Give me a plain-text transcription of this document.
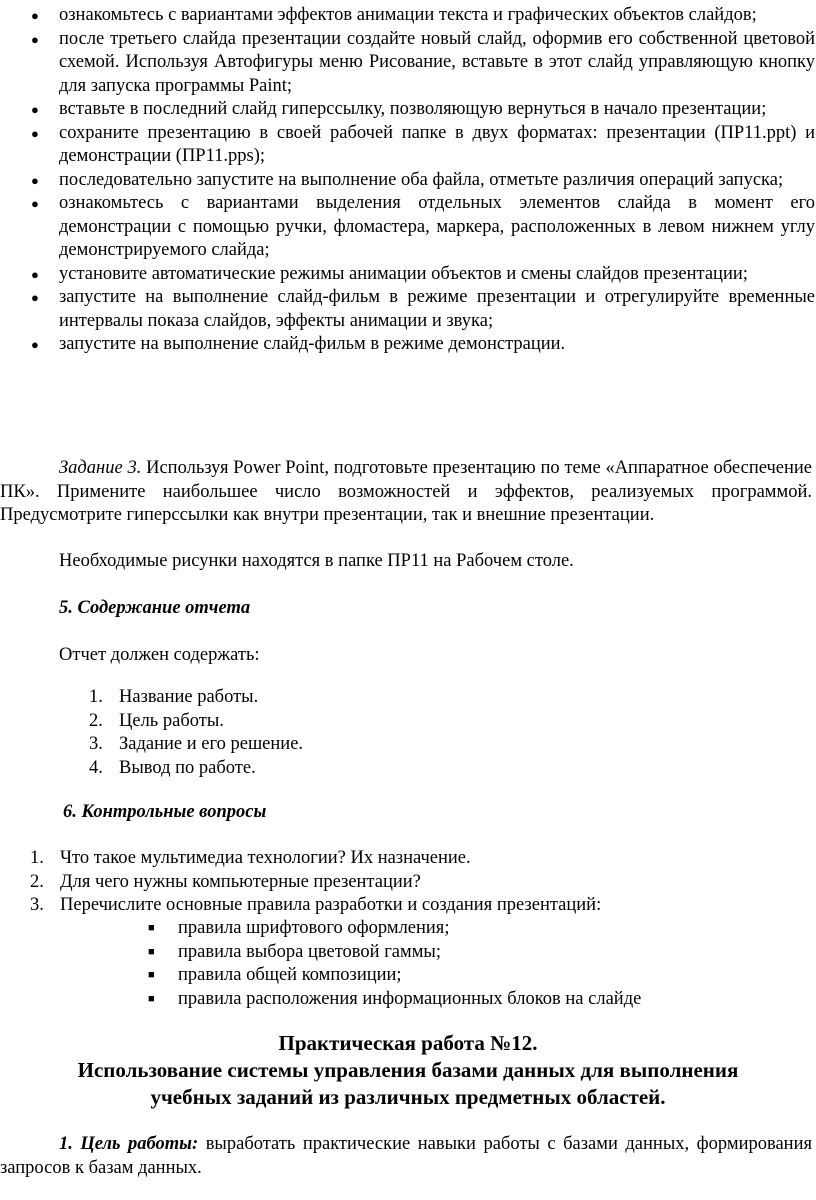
● ознакомьтесь с вариантами эффектов анимации текста и графических объектов слайдов;
● после третьего слайда презентации создайте новый слайд, оформив его собственной цветовой схемой. Используя Автофигуры меню Рисование, вставьте в этот слайд управляющую кнопку для запуска программы Paint;
● вставьте в последний слайд гиперссылку, позволяющую вернуться в начало презентации;
● сохраните презентацию в своей рабочей папке в двух форматах: презентации (ПР11.ppt) и демонстрации (ПР11.pps);
● последовательно запустите на выполнение оба файла, отметьте различия операций запуска;
● ознакомьтесь с вариантами выделения отдельных элементов слайда в момент его демонстрации с помощью ручки, фломастера, маркера, расположенных в левом нижнем углу демонстрируемого слайда;
● установите автоматические режимы анимации объектов и смены слайдов презентации;
● запустите на выполнение слайд-фильм в режиме презентации и отрегулируйте временные интервалы показа слайдов, эффекты анимации и звука;
● запустите на выполнение слайд-фильм в режиме демонстрации.

Задание 3. Используя Power Point, подготовьте презентацию по теме «Аппаратное обеспечение ПК». Примените наибольшее число возможностей и эффектов, реализуемых программой. Предусмотрите гиперссылки как внутри презентации, так и внешние презентации.

Необходимые рисунки находятся в папке ПР11 на Рабочем столе.

5. Содержание отчета

Отчет должен содержать:

1. Название работы.
2. Цель работы.
3. Задание и его решение.
4. Вывод по работе.

6. Контрольные вопросы

1. Что такое мультимедиа технологии? Их назначение.
2. Для чего нужны компьютерные презентации?
3. Перечислите основные правила разработки и создания презентаций:
■ правила шрифтового оформления;
■ правила выбора цветовой гаммы;
■ правила общей композиции;
■ правила расположения информационных блоков на слайде

Практическая работа №12.

Использование системы управления базами данных для выполнения

учебных заданий из различных предметных областей.

1. Цель работы: выработать практические навыки работы с базами данных, формирования запросов к базам данных.
